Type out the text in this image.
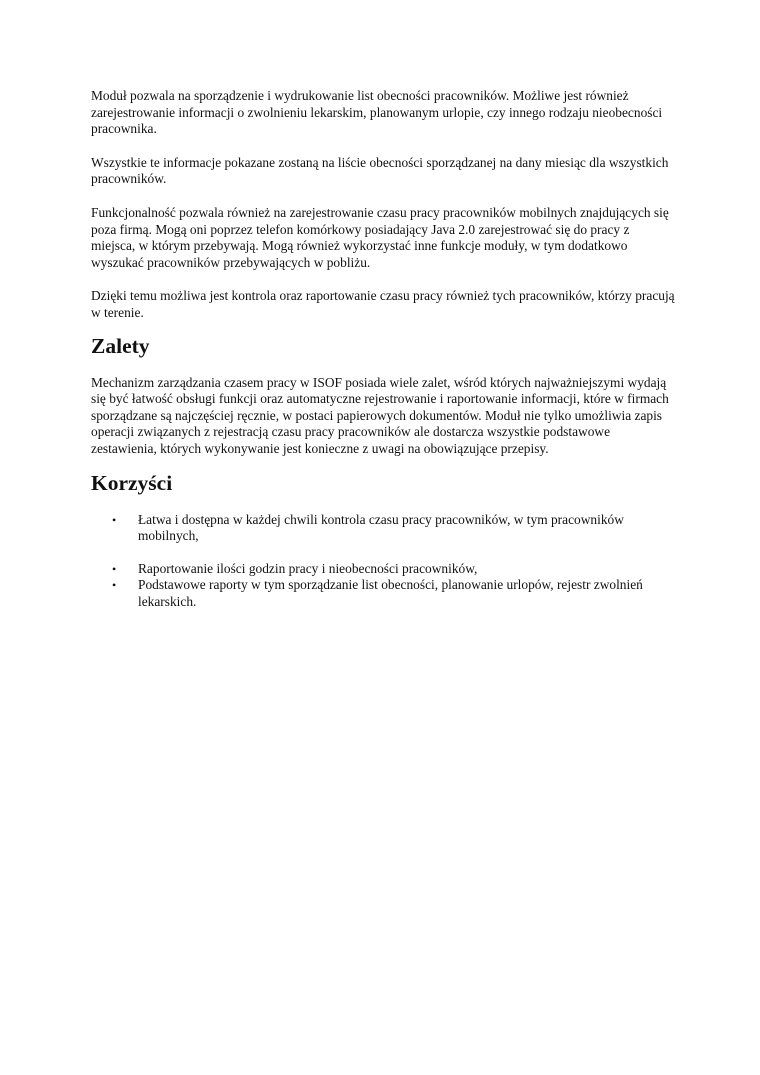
Moduł pozwala na sporządzenie i wydrukowanie list obecności pracowników. Możliwe jest również zarejestrowanie informacji o zwolnieniu lekarskim, planowanym urlopie, czy innego rodzaju nieobecności pracownika.

Wszystkie te informacje pokazane zostaną na liście obecności sporządzanej na dany miesiąc dla wszystkich pracowników.

Funkcjonalność pozwala również na zarejestrowanie czasu pracy pracowników mobilnych znajdujących się poza firmą. Mogą oni poprzez telefon komórkowy posiadający Java 2.0 zarejestrować się do pracy z miejsca, w którym przebywają. Mogą również wykorzystać inne funkcje moduły, w tym dodatkowo wyszukać pracowników przebywających w pobliżu.

Dzięki temu możliwa jest kontrola oraz raportowanie czasu pracy również tych pracowników, którzy pracują w terenie.

Zalety

Mechanizm zarządzania czasem pracy w ISOF posiada wiele zalet, wśród których najważniejszymi wydają się być łatwość obsługi funkcji oraz automatyczne rejestrowanie i raportowanie informacji, które w firmach sporządzane są najczęściej ręcznie, w postaci papierowych dokumentów. Moduł nie tylko umożliwia zapis operacji związanych z rejestracją czasu pracy pracowników ale dostarcza wszystkie podstawowe zestawienia, których wykonywanie jest konieczne z uwagi na obowiązujące przepisy.

Korzyści
• Łatwa i dostępna w każdej chwili kontrola czasu pracy pracowników, w tym pracowników mobilnych,
• Raportowanie ilości godzin pracy i nieobecności pracowników,
• Podstawowe raporty w tym sporządzanie list obecności, planowanie urlopów, rejestr zwolnień lekarskich.
